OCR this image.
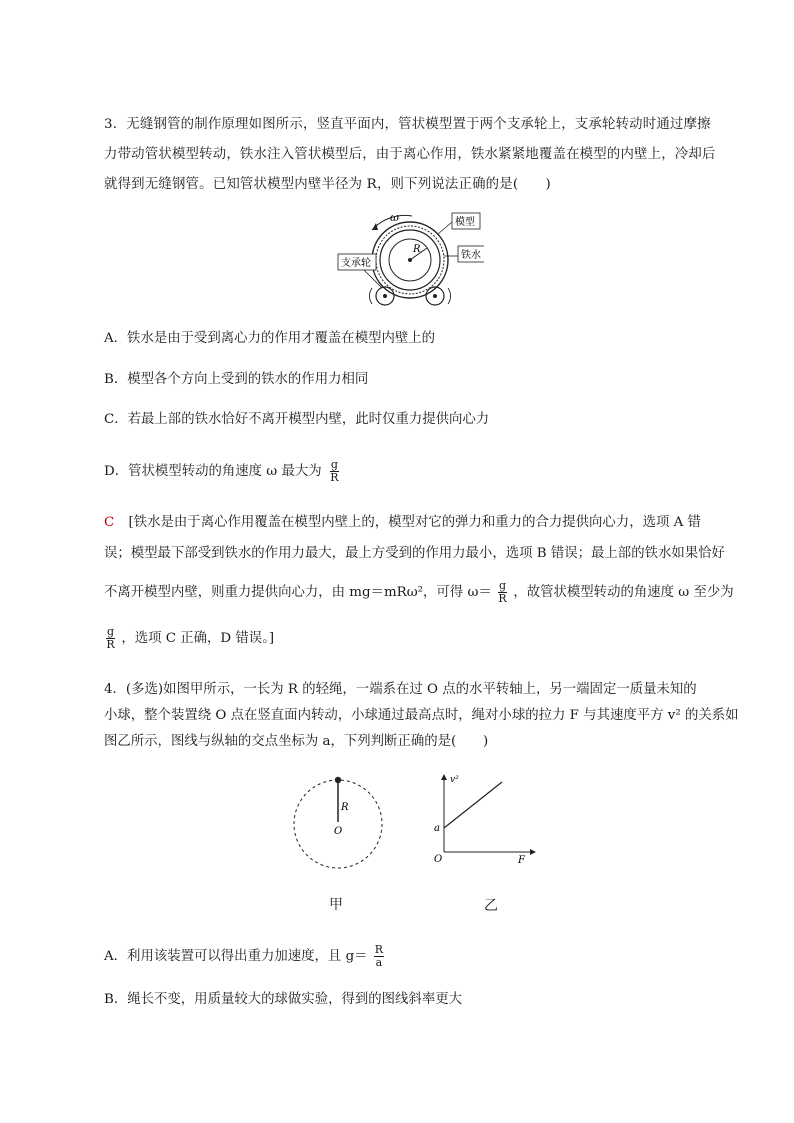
3．无缝钢管的制作原理如图所示，竖直平面内，管状模型置于两个支承轮上，支承轮转动时通过摩擦力带动管状模型转动，铁水注入管状模型后，由于离心作用，铁水紧紧地覆盖在模型的内壁上，冷却后就得到无缝钢管。已知管状模型内壁半径为 R，则下列说法正确的是(　　)
ω
R
模型
铁水
支承轮
A．铁水是由于受到离心力的作用才覆盖在模型内壁上的
B．模型各个方向上受到的铁水的作用力相同
C．若最上部的铁水恰好不离开模型内壁，此时仅重力提供向心力
D．管状模型转动的角速度 ω 最大为 $\frac{g}{R}$
C [铁水是由于离心作用覆盖在模型内壁上的，模型对它的弹力和重力的合力提供向心力，选项 A 错
误；模型最下部受到铁水的作用力最大，最上方受到的作用力最小，选项 B 错误；最上部的铁水如果恰好
不离开模型内壁，则重力提供向心力，由 mg＝mRω²，可得 $\omega= \frac{g}{R}$ ，故管状模型转动的角速度 ω 至少为
$\frac{g}{R}$ ，选项 C 正确，D 错误。]
4．(多选)如图甲所示，一长为 R 的轻绳，一端系在过 O 点的水平转轴上，另一端固定一质量未知的
小球，整个装置绕 O 点在竖直面内转动，小球通过最高点时，绳对小球的拉力 F 与其速度平方 v² 的关系如
图乙所示，图线与纵轴的交点坐标为 a，下列判断正确的是(　　)
R
O
甲
v²
a
O	F
乙
A．利用该装置可以得出重力加速度，且 $g= \frac{R}{a}$
B．绳长不变，用质量较大的球做实验，得到的图线斜率更大
